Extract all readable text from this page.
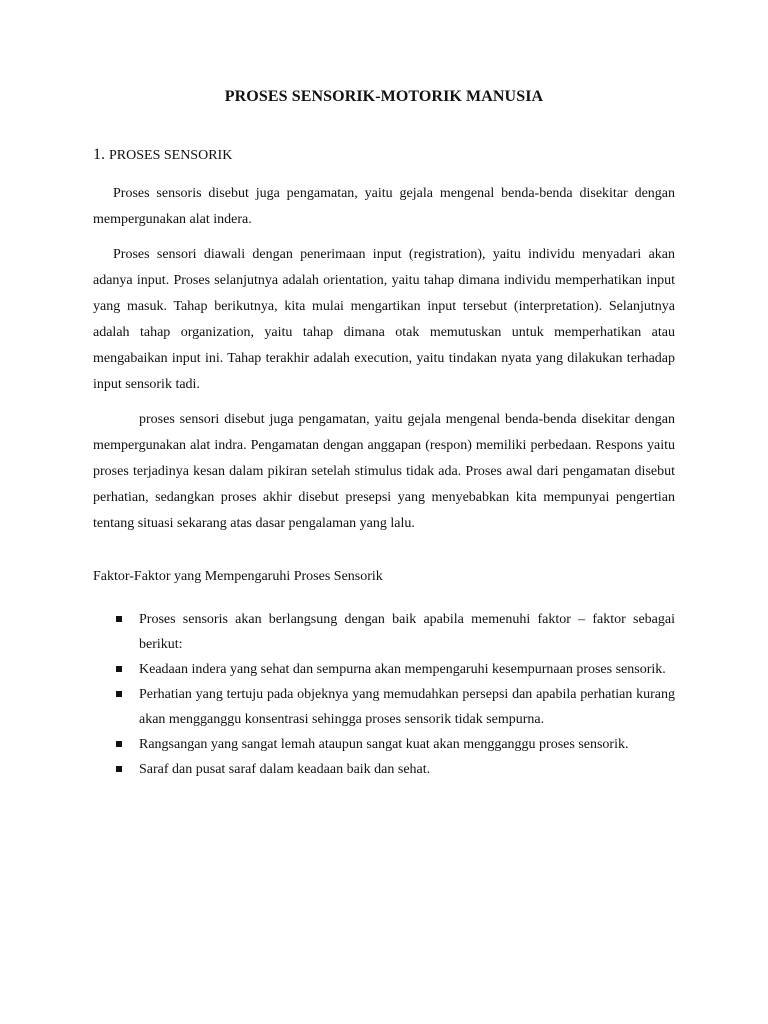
PROSES SENSORIK-MOTORIK MANUSIA
1. PROSES SENSORIK

Proses sensoris disebut juga pengamatan, yaitu gejala mengenal benda-benda disekitar dengan mempergunakan alat indera.

Proses sensori diawali dengan penerimaan input (registration), yaitu individu menyadari akan adanya input. Proses selanjutnya adalah orientation, yaitu tahap dimana individu memperhatikan input yang masuk. Tahap berikutnya, kita mulai mengartikan input tersebut (interpretation). Selanjutnya adalah tahap organization, yaitu tahap dimana otak memutuskan untuk memperhatikan atau mengabaikan input ini. Tahap terakhir adalah execution, yaitu tindakan nyata yang dilakukan terhadap input sensorik tadi.

proses sensori disebut juga pengamatan, yaitu gejala mengenal benda-benda disekitar dengan mempergunakan alat indra. Pengamatan dengan anggapan (respon) memiliki perbedaan. Respons yaitu proses terjadinya kesan dalam pikiran setelah stimulus tidak ada. Proses awal dari pengamatan disebut perhatian, sedangkan proses akhir disebut presepsi yang menyebabkan kita mempunyai pengertian tentang situasi sekarang atas dasar pengalaman yang lalu.

Faktor-Faktor yang Mempengaruhi Proses Sensorik

Proses sensoris akan berlangsung dengan baik apabila memenuhi faktor – faktor sebagai berikut:
Keadaan indera yang sehat dan sempurna akan mempengaruhi kesempurnaan proses sensorik.
Perhatian yang tertuju pada objeknya yang memudahkan persepsi dan apabila perhatian kurang akan mengganggu konsentrasi sehingga proses sensorik tidak sempurna.
Rangsangan yang sangat lemah ataupun sangat kuat akan mengganggu proses sensorik.
Saraf dan pusat saraf dalam keadaan baik dan sehat.
